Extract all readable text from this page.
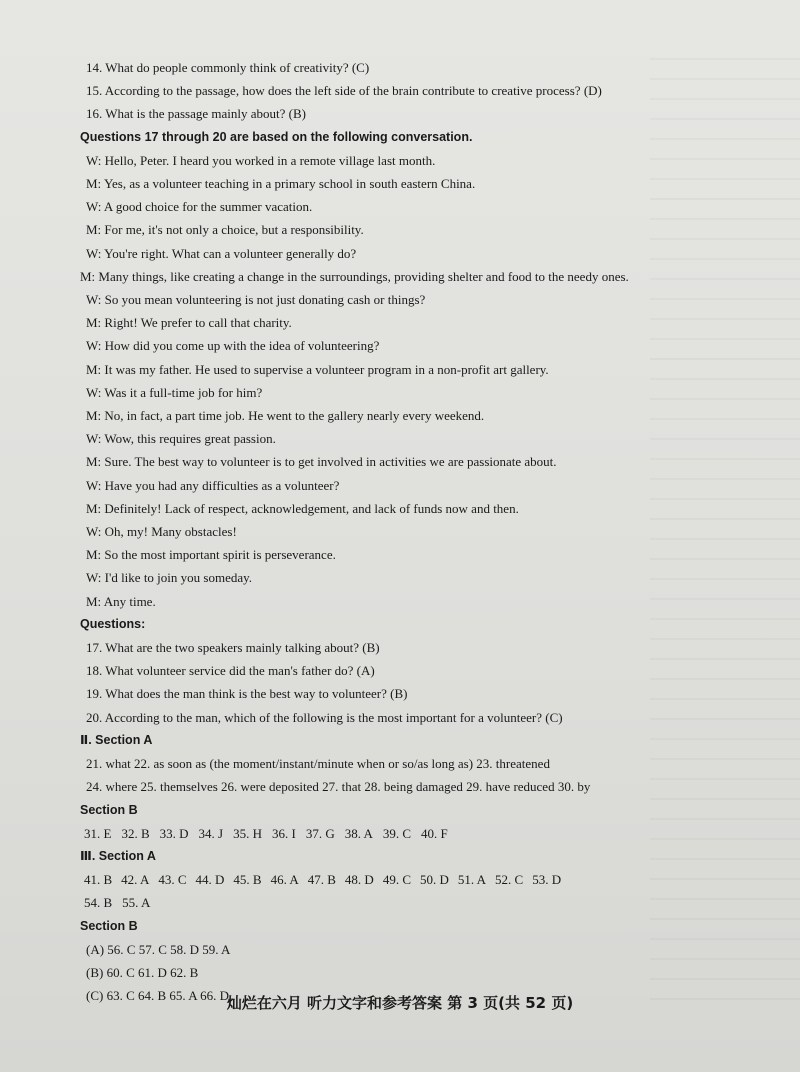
14. What do people commonly think of creativity? (C)
15. According to the passage, how does the left side of the brain contribute to creative process? (D)
16. What is the passage mainly about? (B)
Questions 17 through 20 are based on the following conversation.
W: Hello, Peter. I heard you worked in a remote village last month.
M: Yes, as a volunteer teaching in a primary school in south eastern China.
W: A good choice for the summer vacation.
M: For me, it's not only a choice, but a responsibility.
W: You're right. What can a volunteer generally do?
M: Many things, like creating a change in the surroundings, providing shelter and food to the needy ones.
W: So you mean volunteering is not just donating cash or things?
M: Right! We prefer to call that charity.
W: How did you come up with the idea of volunteering?
M: It was my father. He used to supervise a volunteer program in a non-profit art gallery.
W: Was it a full-time job for him?
M: No, in fact, a part time job. He went to the gallery nearly every weekend.
W: Wow, this requires great passion.
M: Sure. The best way to volunteer is to get involved in activities we are passionate about.
W: Have you had any difficulties as a volunteer?
M: Definitely! Lack of respect, acknowledgement, and lack of funds now and then.
W: Oh, my! Many obstacles!
M: So the most important spirit is perseverance.
W: I'd like to join you someday.
M: Any time.
Questions:
17. What are the two speakers mainly talking about? (B)
18. What volunteer service did the man's father do? (A)
19. What does the man think is the best way to volunteer? (B)
20. According to the man, which of the following is the most important for a volunteer? (C)
Ⅱ. Section A
21. what 22. as soon as (the moment/instant/minute when or so/as long as) 23. threatened
24. where 25. themselves 26. were deposited 27. that 28. being damaged 29. have reduced 30. by
Section B
31. E 32. B 33. D 34. J 35. H 36. I 37. G 38. A 39. C 40. F
Ⅲ. Section A
41. B 42. A 43. C 44. D 45. B 46. A 47. B 48. D 49. C 50. D 51. A 52. C 53. D
54. B 55. A
Section B
(A) 56. C 57. C 58. D 59. A
(B) 60. C 61. D 62. B
(C) 63. C 64. B 65. A 66. D
灿烂在六月 听力文字和参考答案 第 3 页(共 52 页)
